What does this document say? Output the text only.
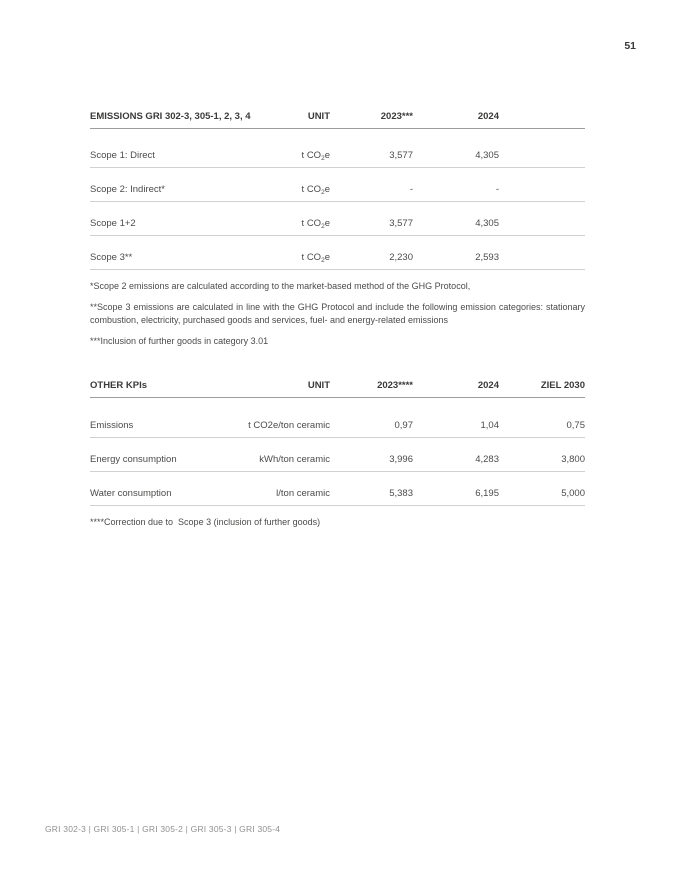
51
EMISSIONS GRI 302-3, 305-1, 2, 3, 4	UNIT	2023***	2024	
Scope 1: Direct	t $CO_2e$	3,577	4,305	
Scope 2: Indirect*	t $CO_2e$	-	-	
Scope 1+2	t $CO_2e$	3,577	4,305	
Scope 3**	t $CO_2e$	2,230	2,593	
*Scope 2 emissions are calculated according to the market-based method of the GHG Protocol,
**Scope 3 emissions are calculated in line with the GHG Protocol and include the following emission categories: stationary combustion, electricity, purchased goods and services, fuel- and energy-related emissions
***Inclusion of further goods in category 3.01
OTHER KPIs	UNIT	2023****	2024	ZIEL 2030
Emissions	t CO2e/ton ceramic	0,97	1,04	0,75
Energy consumption	kWh/ton ceramic	3,996	4,283	3,800
Water consumption	l/ton ceramic	5,383	6,195	5,000
****Correction due to  Scope 3 (inclusion of further goods)
GRI 302-3 | GRI 305-1 | GRI 305-2 | GRI 305-3 | GRI 305-4
